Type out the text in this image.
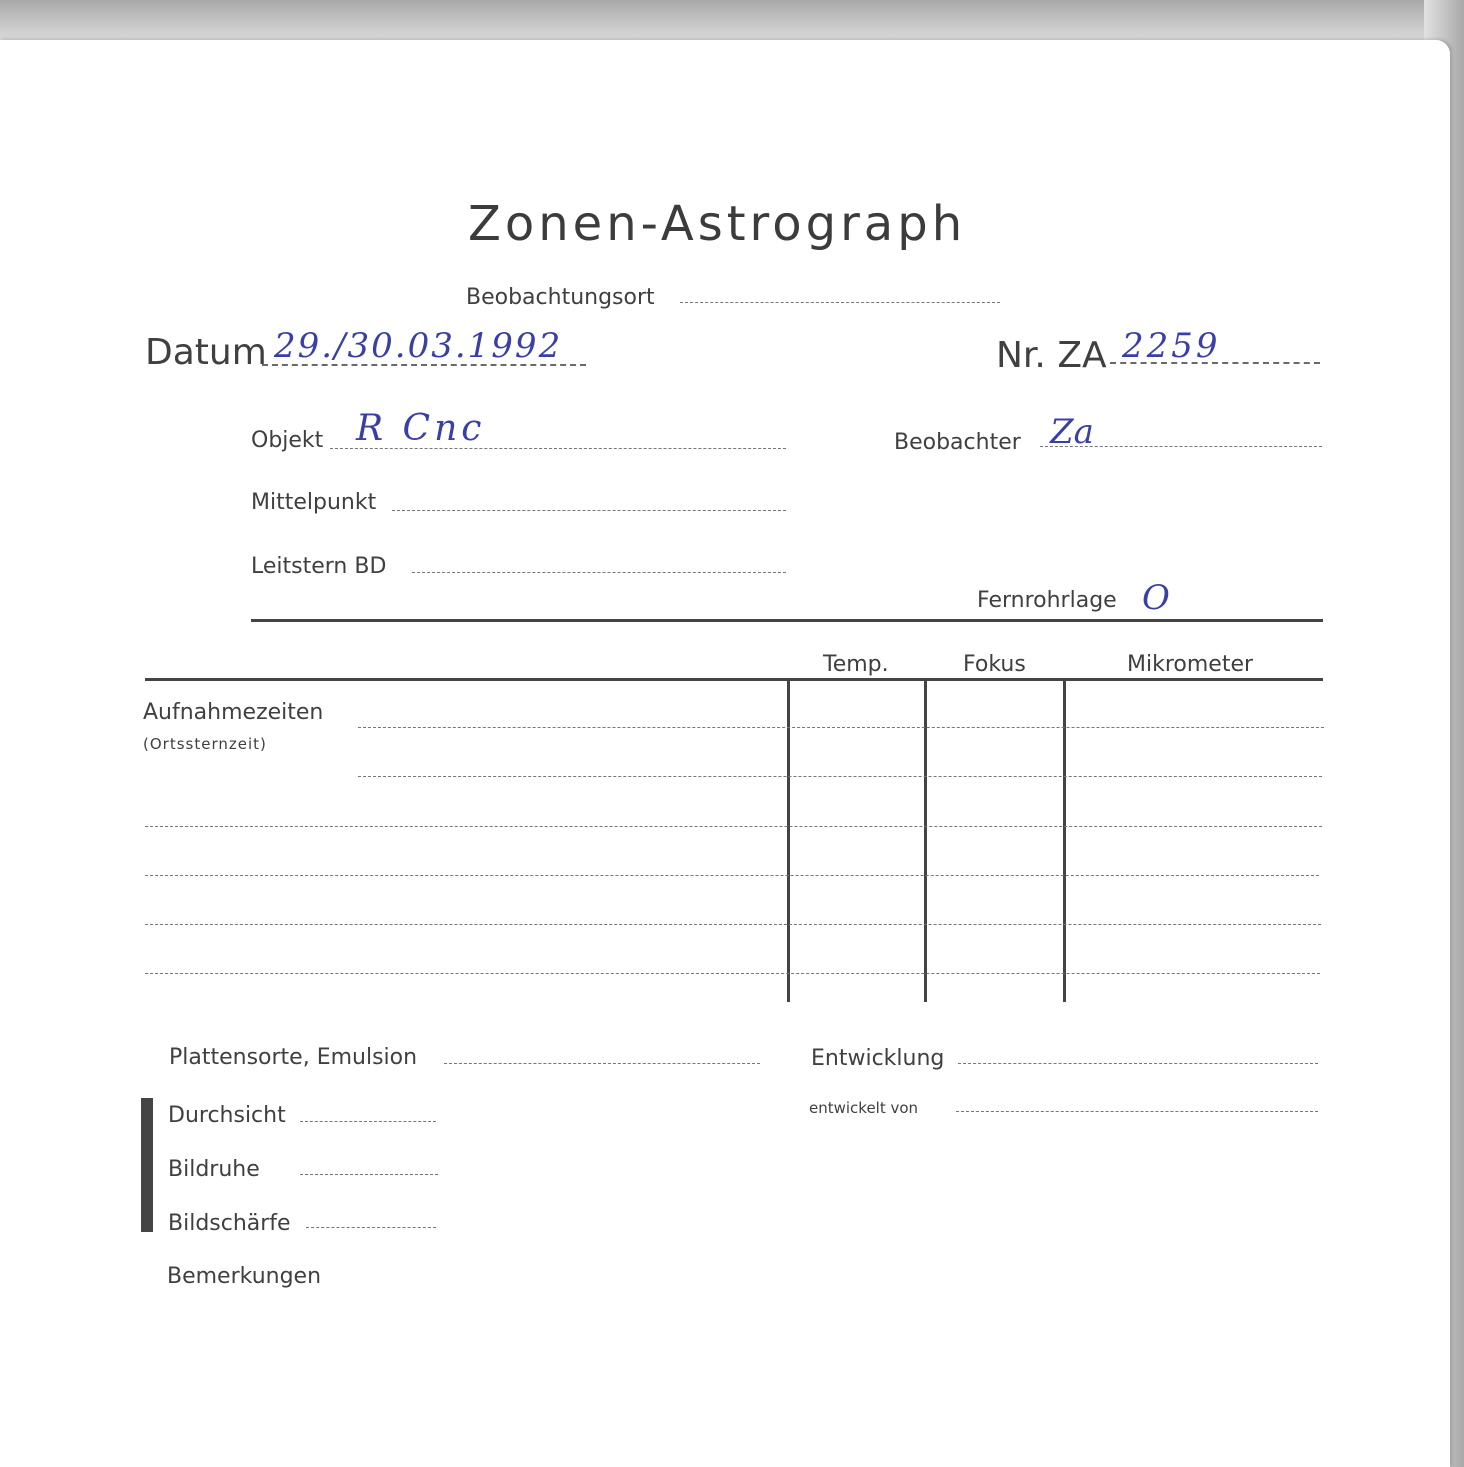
Zonen-Astrograph
Beobachtungsort
Datum 29./30.03.1992	Nr. ZA 2259
Objekt R Cnc	Beobachter Za
Mittelpunkt
Leitstern BD
Fernrohrlage O
Temp.	Fokus	Mikrometer
Aufnahmezeiten
(Ortssternzeit)
Plattensorte, Emulsion	Entwicklung
entwickelt von
Durchsicht
Bildruhe
Bildschärfe
Bemerkungen
